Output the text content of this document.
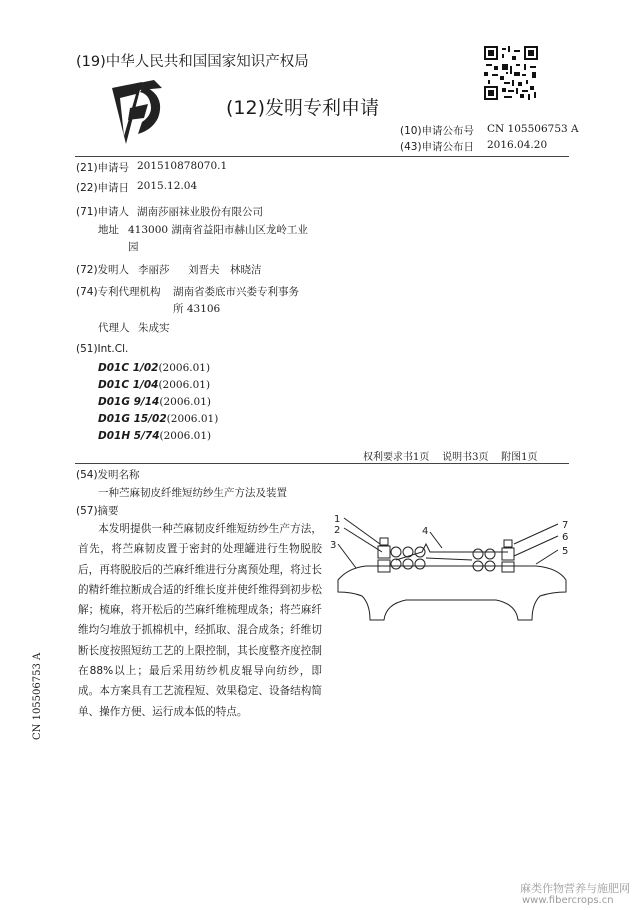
(19)中华人民共和国国家知识产权局
(12)发明专利申请
(10)申请公布号 CN 105506753 A
(43)申请公布日 2016.04.20
(21)申请号 201510878070.1
(22)申请日 2015.12.04
(71)申请人 湖南莎丽袜业股份有限公司
地址 413000 湖南省益阳市赫山区龙岭工业
园
(72)发明人 李丽莎 刘晋夫 林晓洁
(74)专利代理机构 湖南省娄底市兴娄专利事务
所 43106
代理人 朱成实
(51)Int.Cl.
D01C 1/02(2006.01)
D01C 1/04(2006.01)
D01G 9/14(2006.01)
D01G 15/02(2006.01)
D01H 5/74(2006.01)
权利要求书1页    说明书3页    附图1页
(54)发明名称
一种苎麻韧皮纤维短纺纱生产方法及装置
(57)摘要
本发明提供一种苎麻韧皮纤维短纺纱生产方法，首先，将苎麻韧皮置于密封的处理罐进行生物脱胶后，再将脱胶后的苎麻纤维进行分离预处理，将过长的精纤维拉断成合适的纤维长度并使纤维得到初步松解；梳麻，将开松后的苎麻纤维梳理成条；将苎麻纤维均匀堆放于抓棉机中，经抓取、混合成条；纤维切断长度按照短纺工艺的上限控制，其长度整齐度控制在88%以上；最后采用纺纱机皮辊导向纺纱，即成。本方案具有工艺流程短、效果稳定、设备结构简单、操作方便、运行成本低的特点。
1
2
3
4
7
6
5
CN 105506753 A
麻类作物营养与施肥网
www.fibercrops.cn
